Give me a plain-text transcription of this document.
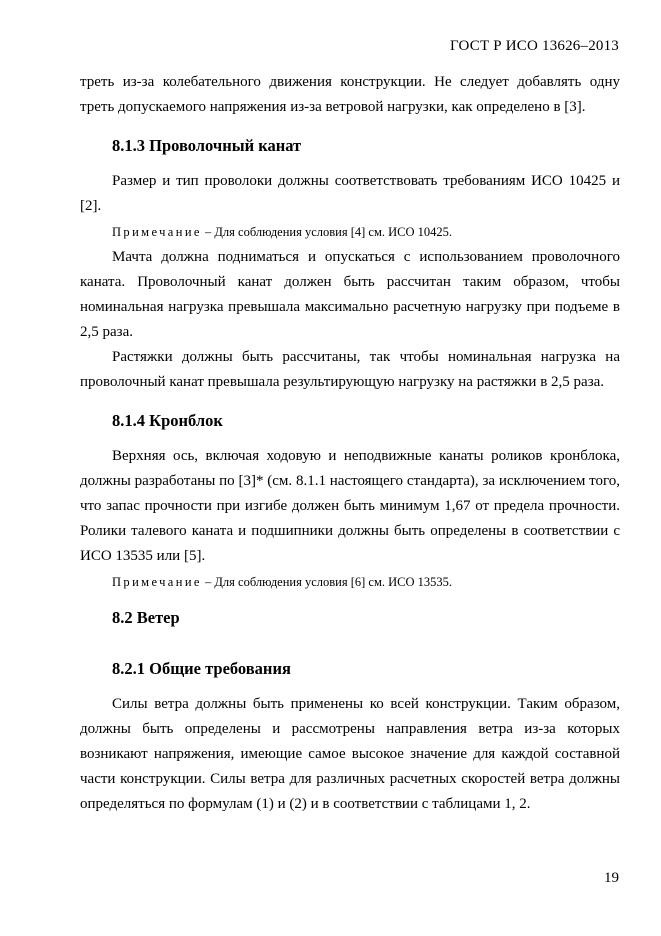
ГОСТ Р ИСО 13626–2013

треть из-за колебательного движения конструкции. Не следует добавлять одну треть допускаемого напряжения из-за ветровой нагрузки, как определено в [3].

8.1.3 Проволочный канат

Размер и тип проволоки должны соответствовать требованиям ИСО 10425 и [2].

Примечание – Для соблюдения условия [4] см. ИСО 10425.

Мачта должна подниматься и опускаться с использованием проволочного каната. Проволочный канат должен быть рассчитан таким образом, чтобы номинальная нагрузка превышала максимально расчетную нагрузку при подъеме в 2,5 раза.

Растяжки должны быть рассчитаны, так чтобы номинальная нагрузка на проволочный канат превышала результирующую нагрузку на растяжки в 2,5 раза.

8.1.4 Кронблок

Верхняя ось, включая ходовую и неподвижные канаты роликов кронблока, должны разработаны по [3]* (см. 8.1.1 настоящего стандарта), за исключением того, что запас прочности при изгибе должен быть минимум 1,67 от предела прочности. Ролики талевого каната и подшипники должны быть определены в соответствии с ИСО 13535 или [5].

Примечание – Для соблюдения условия [6] см. ИСО 13535.

8.2 Ветер
8.2.1 Общие требования

Силы ветра должны быть применены ко всей конструкции. Таким образом, должны быть определены и рассмотрены направления ветра из-за которых возникают напряжения, имеющие самое высокое значение для каждой составной части конструкции. Силы ветра для различных расчетных скоростей ветра должны определяться по формулам (1) и (2) и в соответствии с таблицами 1, 2.

19
